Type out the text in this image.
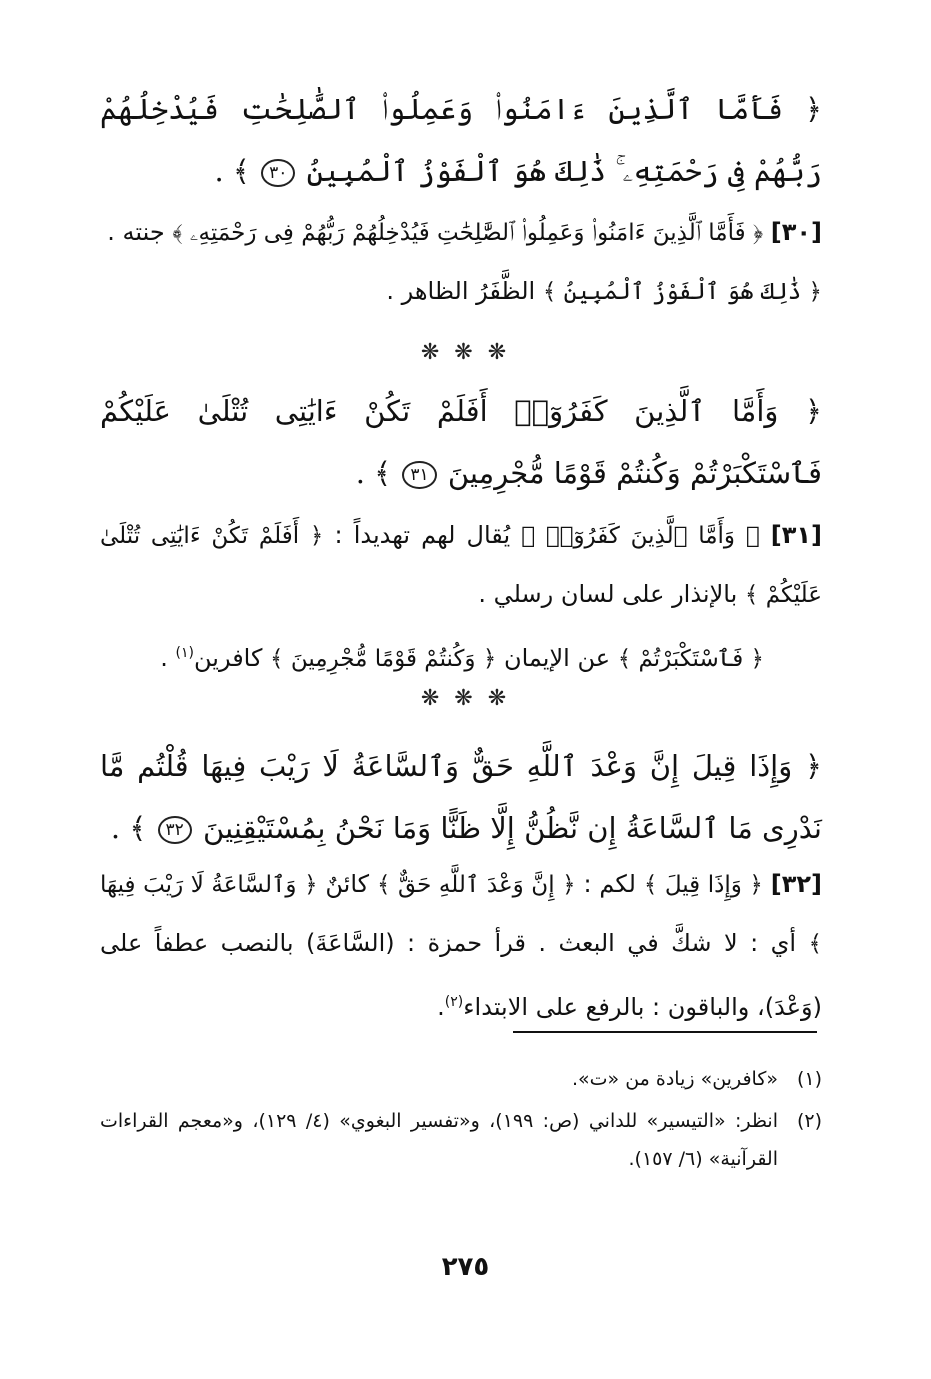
﴿ فَأَمَّا ٱلَّذِينَ ءَامَنُوا۟ وَعَمِلُوا۟ ٱلصَّٰلِحَٰتِ فَيُدْخِلُهُمْ رَبُّهُمْ فِى رَحْمَتِهِۦ ۚ ذَٰلِكَ هُوَ ٱلْفَوْزُ ٱلْمُبِينُ ٣٠ ﴾ .
[٣٠] ﴿ فَأَمَّا ٱلَّذِينَ ءَامَنُوا۟ وَعَمِلُوا۟ ٱلصَّٰلِحَٰتِ فَيُدْخِلُهُمْ رَبُّهُمْ فِى رَحْمَتِهِۦ ﴾ جنته .
﴿ ذَٰلِكَ هُوَ ٱلْفَوْزُ ٱلْمُبِينُ ﴾ الظَّفَرُ الظاهر .
❋ ❋ ❋
﴿ وَأَمَّا ٱلَّذِينَ كَفَرُوٓا۟ أَفَلَمْ تَكُنْ ءَايَٰتِى تُتْلَىٰ عَلَيْكُمْ فَٱسْتَكْبَرْتُمْ وَكُنتُمْ قَوْمًا مُّجْرِمِينَ ٣١ ﴾ .
[٣١] ﴿ وَأَمَّا ٱلَّذِينَ كَفَرُوٓا۟ ﴾ يُقال لهم تهديداً : ﴿ أَفَلَمْ تَكُنْ ءَايَٰتِى تُتْلَىٰ عَلَيْكُمْ ﴾ بالإنذار على لسان رسلي .
﴿ فَٱسْتَكْبَرْتُمْ ﴾ عن الإيمان ﴿ وَكُنتُمْ قَوْمًا مُّجْرِمِينَ ﴾ كافرين$^{(١)}$ .
❋ ❋ ❋
﴿ وَإِذَا قِيلَ إِنَّ وَعْدَ ٱللَّهِ حَقٌّ وَٱلسَّاعَةُ لَا رَيْبَ فِيهَا قُلْتُم مَّا نَدْرِى مَا ٱلسَّاعَةُ إِن نَّظُنُّ إِلَّا ظَنًّا وَمَا نَحْنُ بِمُسْتَيْقِنِينَ ٣٢ ﴾ .
[٣٢] ﴿ وَإِذَا قِيلَ ﴾ لكم : ﴿ إِنَّ وَعْدَ ٱللَّهِ حَقٌّ ﴾ كائنٌ ﴿ وَٱلسَّاعَةُ لَا رَيْبَ فِيهَا ﴾ أي : لا شكَّ في البعث . قرأ حمزة : (السَّاعَةَ) بالنصب عطفاً على (وَعْدَ)، والباقون : بالرفع على الابتداء$^{(٢)}$.
(١)
«كافرين» زيادة من «ت».
(٢)
انظر: «التيسير» للداني (ص: ١٩٩)، و«تفسير البغوي» (٤/ ١٢٩)، و«معجم القراءات القرآنية» (٦/ ١٥٧).
٢٧٥
